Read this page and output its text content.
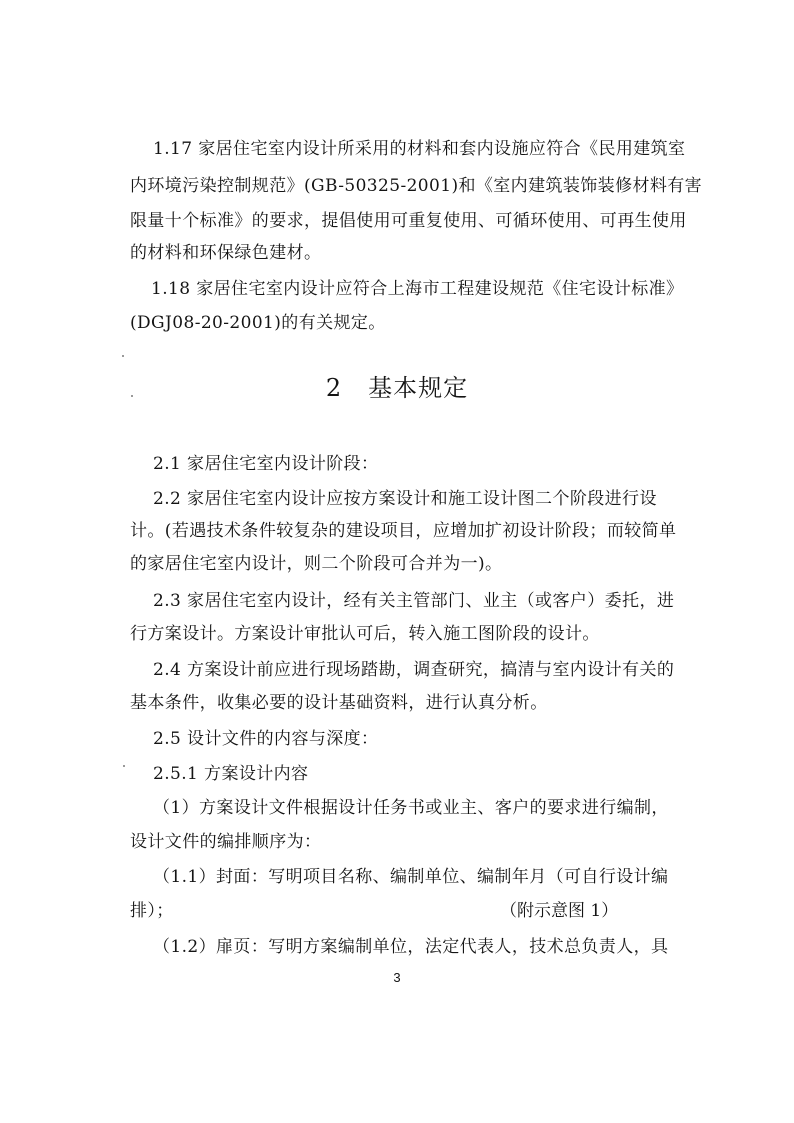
1.17 家居住宅室内设计所采用的材料和套内设施应符合《民用建筑室
内环境污染控制规范》(GB-50325-2001)和《室内建筑装饰装修材料有害
限量十个标准》的要求，提倡使用可重复使用、可循环使用、可再生使用
的材料和环保绿色建材。
1.18 家居住宅室内设计应符合上海市工程建设规范《住宅设计标准》
(DGJ08-20-2001)的有关规定。
2 基本规定
2.1 家居住宅室内设计阶段：
2.2 家居住宅室内设计应按方案设计和施工设计图二个阶段进行设
计。(若遇技术条件较复杂的建设项目，应增加扩初设计阶段；而较简单
的家居住宅室内设计，则二个阶段可合并为一)。
2.3 家居住宅室内设计，经有关主管部门、业主（或客户）委托，进
行方案设计。方案设计审批认可后，转入施工图阶段的设计。
2.4 方案设计前应进行现场踏勘，调查研究，搞清与室内设计有关的
基本条件，收集必要的设计基础资料，进行认真分析。
2.5 设计文件的内容与深度：
2.5.1 方案设计内容
（1）方案设计文件根据设计任务书或业主、客户的要求进行编制，
设计文件的编排顺序为：
（1.1）封面：写明项目名称、编制单位、编制年月（可自行设计编
排）；	（附示意图 1）
（1.2）扉页：写明方案编制单位，法定代表人，技术总负责人，具
3
